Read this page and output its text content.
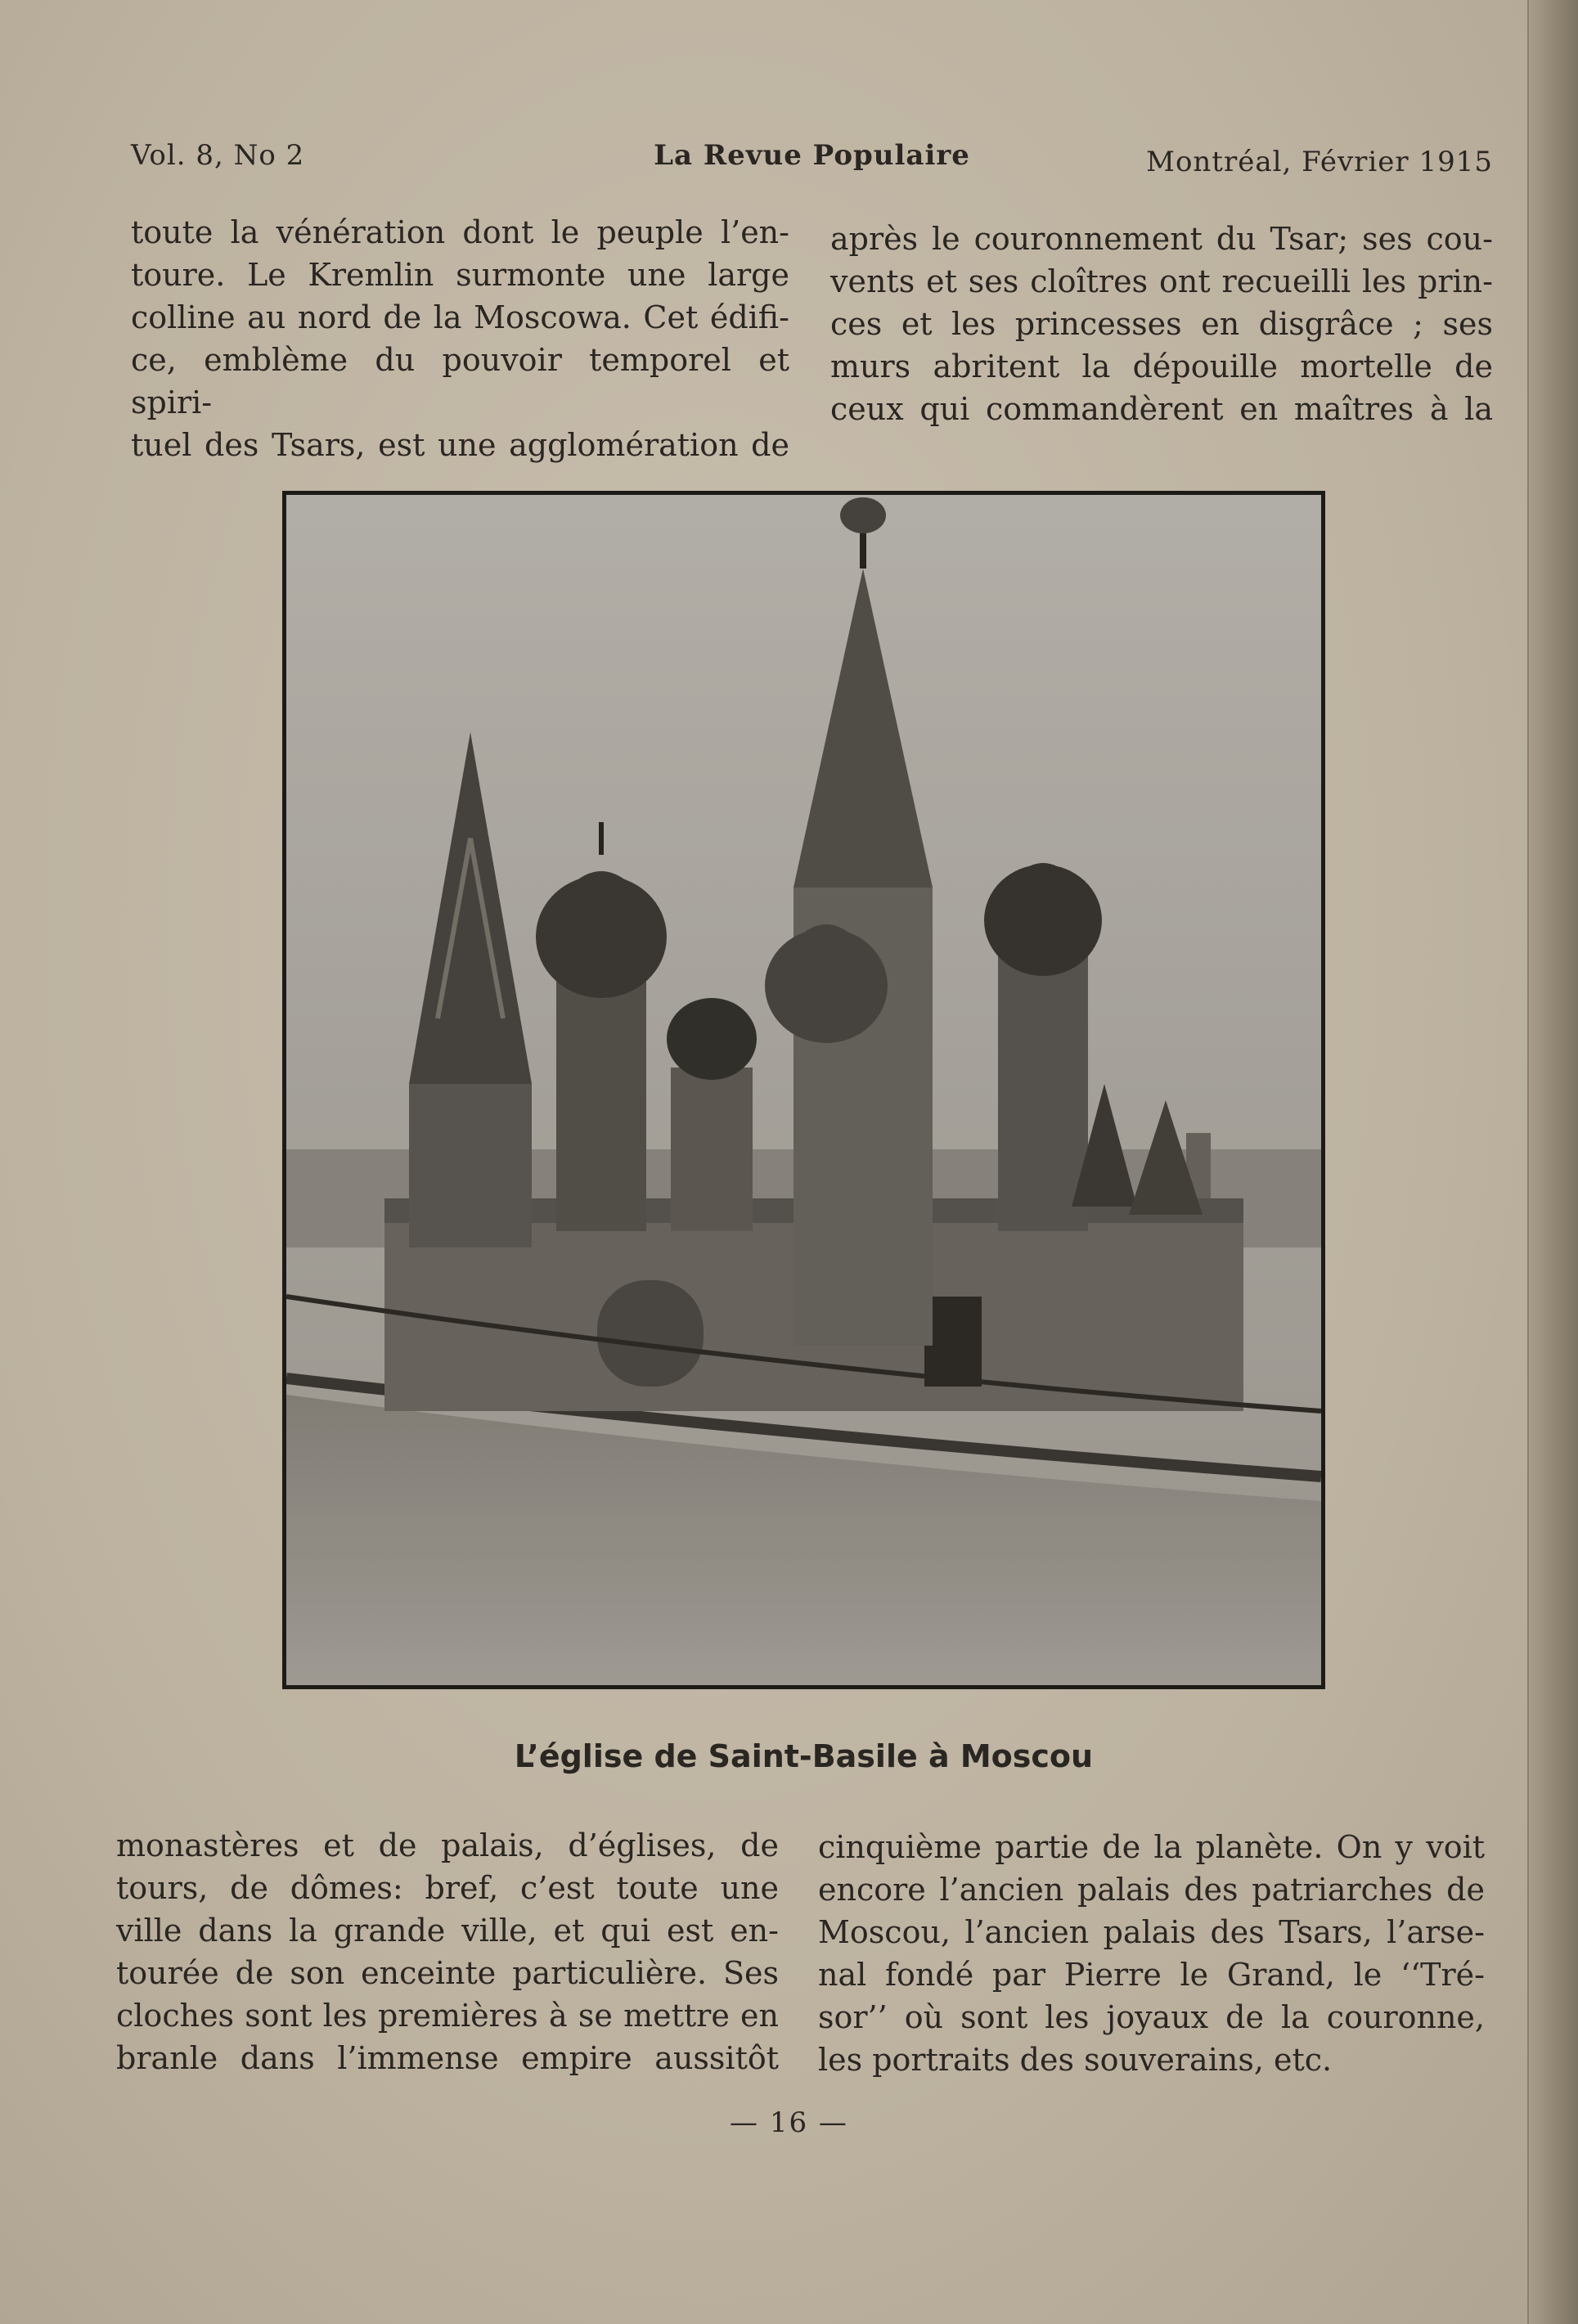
Vol. 8, No 2	La Revue Populaire	Montréal, Février 1915

toute la vénération dont le peuple l’en-
toure. Le Kremlin surmonte une large
colline au nord de la Moscowa. Cet édifi-
ce, emblème du pouvoir temporel et spiri-
tuel des Tsars, est une agglomération de

après le couronnement du Tsar; ses cou-
vents et ses cloîtres ont recueilli les prin-
ces et les princesses en disgrâce ; ses
murs abritent la dépouille mortelle de
ceux qui commandèrent en maîtres à la

L’église de Saint-Basile à Moscou

monastères et de palais, d’églises, de
tours, de dômes: bref, c’est toute une
ville dans la grande ville, et qui est en-
tourée de son enceinte particulière. Ses
cloches sont les premières à se mettre en
branle dans l’immense empire aussitôt

cinquième partie de la planète. On y voit
encore l’ancien palais des patriarches de
Moscou, l’ancien palais des Tsars, l’arse-
nal fondé par Pierre le Grand, le ‘‘Tré-
sor’’ où sont les joyaux de la couronne,
les portraits des souverains, etc.

— 16 —
